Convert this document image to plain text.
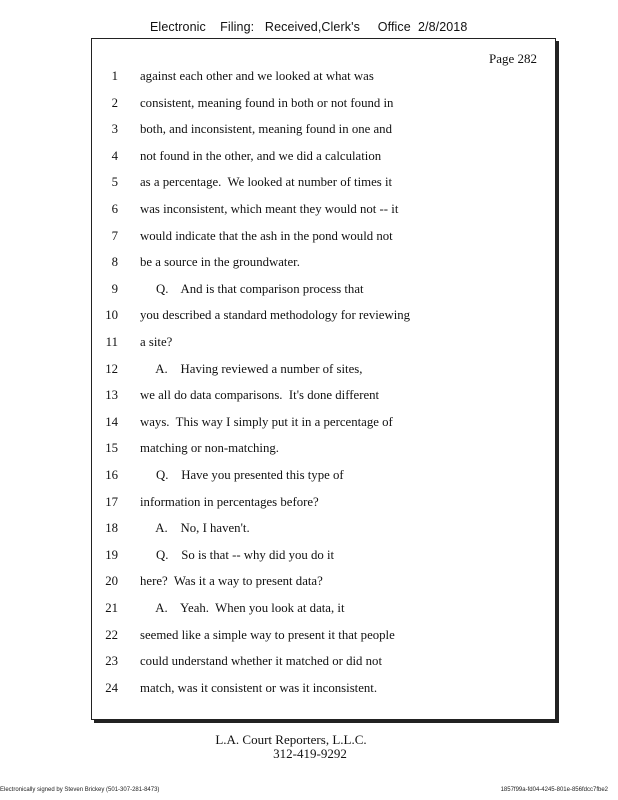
Electronic    Filing:   Received,Clerk's     Office  2/8/2018
Page 282
1 against each other and we looked at what was
2 consistent, meaning found in both or not found in
3 both, and inconsistent, meaning found in one and
4 not found in the other, and we did a calculation
5 as a percentage.  We looked at number of times it
6 was inconsistent, which meant they would not -- it
7 would indicate that the ash in the pond would not
8 be a source in the groundwater.
9 Q.    And is that comparison process that
10 you described a standard methodology for reviewing
11 a site?
12 A.    Having reviewed a number of sites,
13 we all do data comparisons.  It's done different
14 ways.  This way I simply put it in a percentage of
15 matching or non-matching.
16 Q.    Have you presented this type of
17 information in percentages before?
18 A.    No, I haven't.
19 Q.    So is that -- why did you do it
20 here?  Was it a way to present data?
21 A.    Yeah.  When you look at data, it
22 seemed like a simple way to present it that people
23 could understand whether it matched or did not
24 match, was it consistent or was it inconsistent.
L.A. Court Reporters, L.L.C.
312-419-9292
Electronically signed by Steven Brickey (501-307-281-8473)	1857f99a-fd04-4245-801e-856fdcc7fbe2
